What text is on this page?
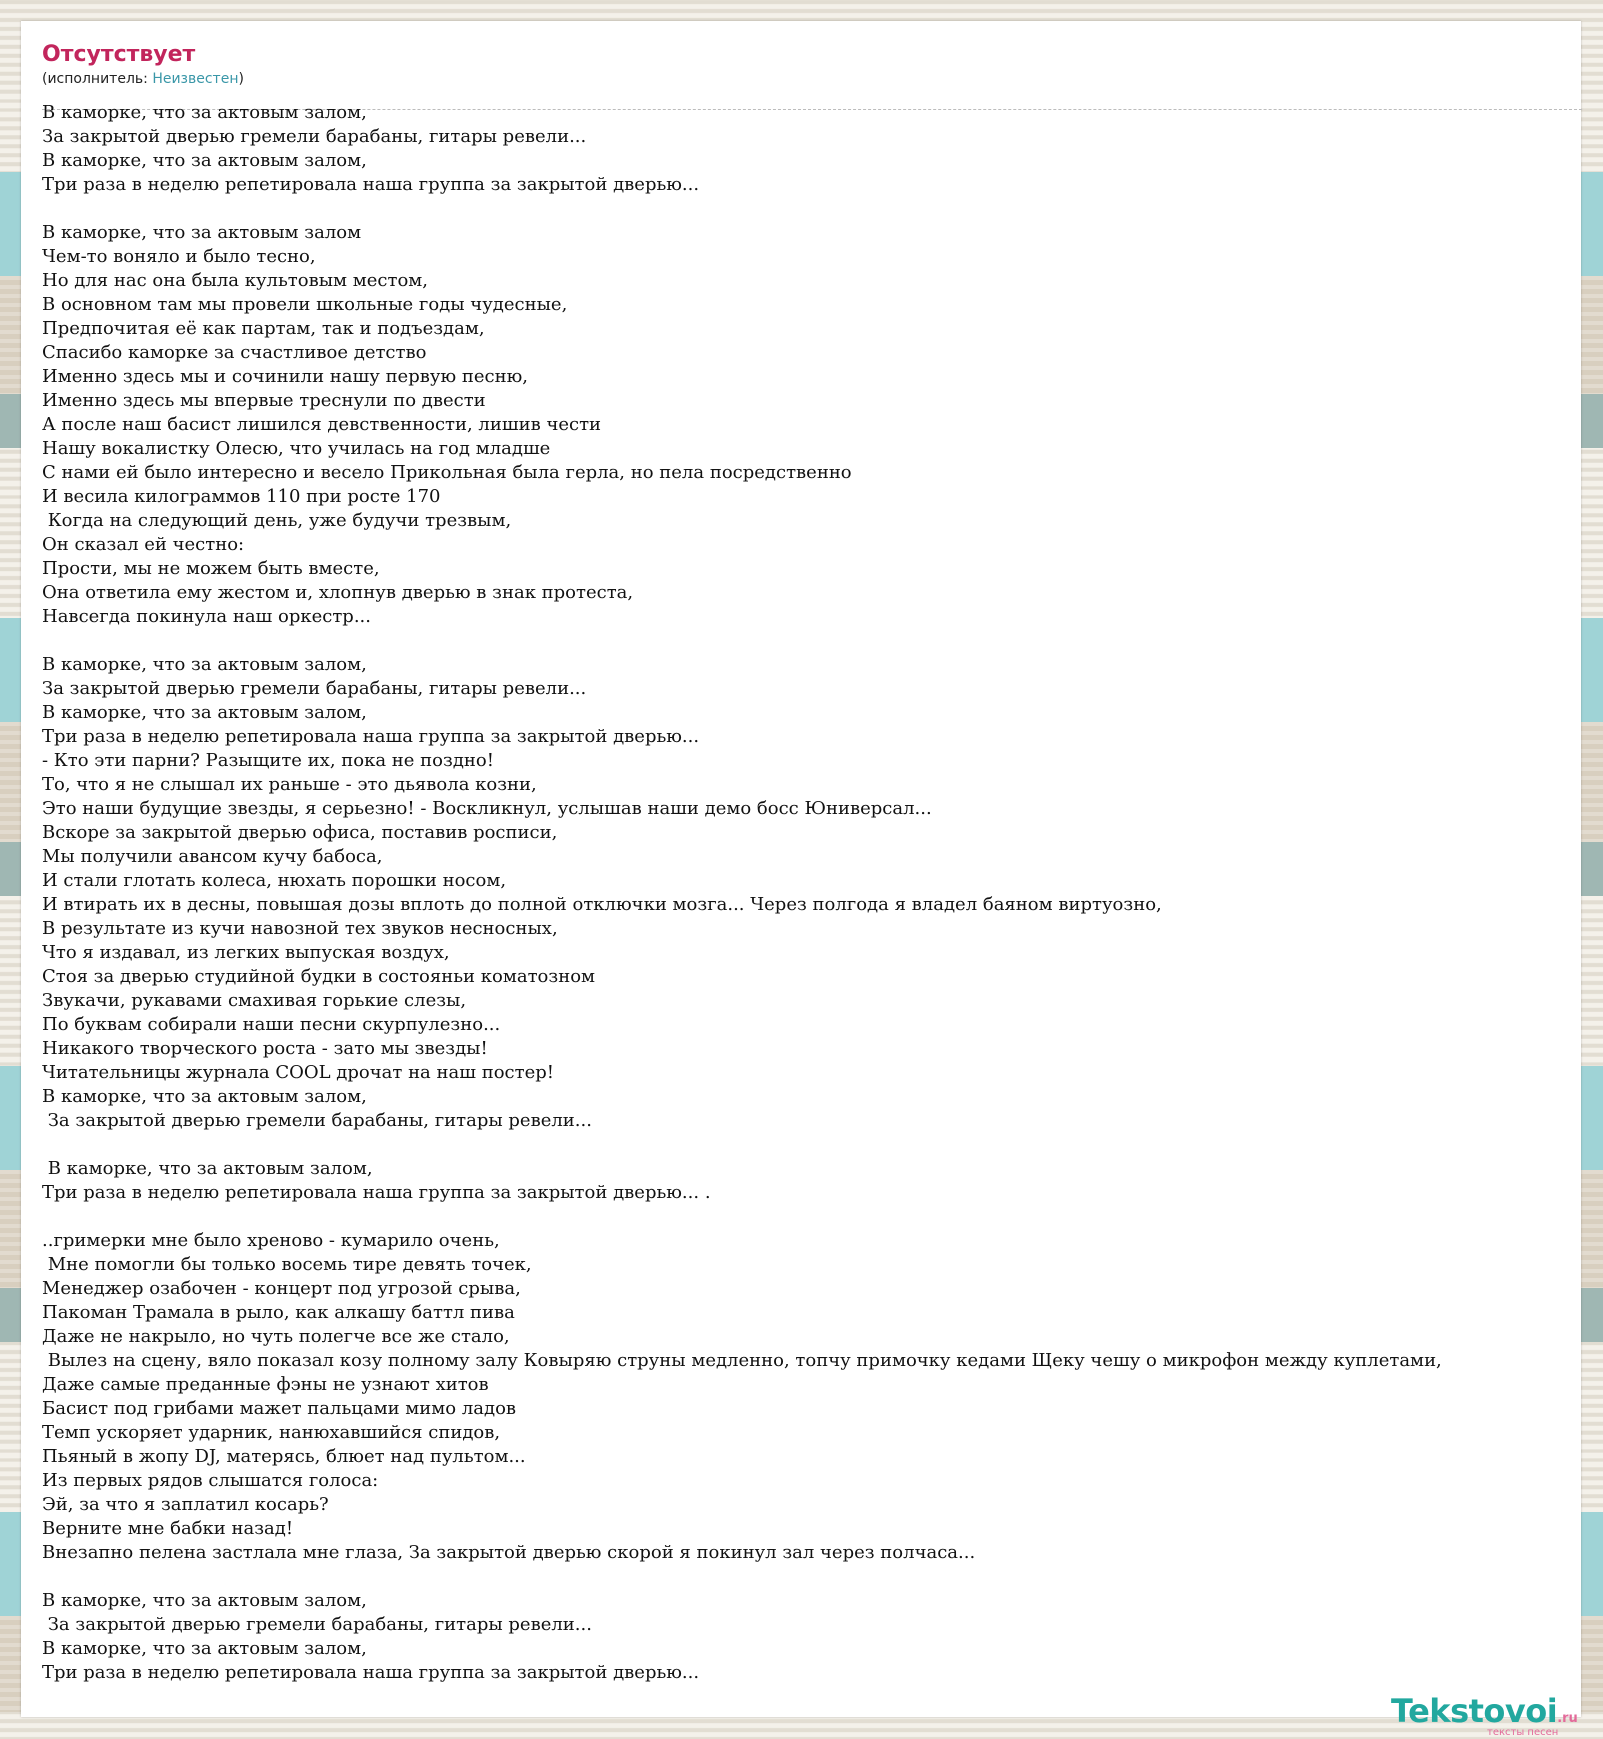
Отсутствует
(исполнитель: Неизвестен)
В каморке, что за актовым залом,
За закрытой дверью гремели барабаны, гитары ревели...
В каморке, что за актовым залом,
Три раза в неделю репетировала наша группа за закрытой дверью...
В каморке, что за актовым залом
Чем-то воняло и было тесно,
Но для нас она была культовым местом,
В основном там мы провели школьные годы чудесные,
Предпочитая её как партам, так и подъездам,
Спасибо каморке за счастливое детство
Именно здесь мы и сочинили нашу первую песню,
Именно здесь мы впервые треснули по двести
А после наш басист лишился девственности, лишив чести
Нашу вокалистку Олесю, что училась на год младше
С нами ей было интересно и весело Прикольная была герла, но пела посредственно
И весила килограммов 110 при росте 170
Когда на следующий день, уже будучи трезвым,
Он сказал ей честно:
Прости, мы не можем быть вместе,
Она ответила ему жестом и, хлопнув дверью в знак протеста,
Навсегда покинула наш оркестр...
В каморке, что за актовым залом,
За закрытой дверью гремели барабаны, гитары ревели...
В каморке, что за актовым залом,
Три раза в неделю репетировала наша группа за закрытой дверью...
- Кто эти парни? Разыщите их, пока не поздно!
То, что я не слышал их раньше - это дьявола козни,
Это наши будущие звезды, я серьезно! - Воскликнул, услышав наши демо босс Юниверсал...
Вскоре за закрытой дверью офиса, поставив росписи,
Мы получили авансом кучу бабоса,
И стали глотать колеса, нюхать порошки носом,
И втирать их в десны, повышая дозы вплоть до полной отключки мозга... Через полгода я владел баяном виртуозно,
В результате из кучи навозной тех звуков несносных,
Что я издавал, из легких выпуская воздух,
Стоя за дверью студийной будки в состояньи коматозном
Звукачи, рукавами смахивая горькие слезы,
По буквам собирали наши песни скурпулезно...
Никакого творческого роста - зато мы звезды!
Читательницы журнала COOL дрочат на наш постер!
В каморке, что за актовым залом,
За закрытой дверью гремели барабаны, гитары ревели...
В каморке, что за актовым залом,
Три раза в неделю репетировала наша группа за закрытой дверью... .
..гримерки мне было хреново - кумарило очень,
Мне помогли бы только восемь тире девять точек,
Менеджер озабочен - концерт под угрозой срыва,
Пакоман Трамала в рыло, как алкашу баттл пива
Даже не накрыло, но чуть полегче все же стало,
Вылез на сцену, вяло показал козу полному залу Ковыряю струны медленно, топчу примочку кедами Щеку чешу о микрофон между куплетами,
Даже самые преданные фэны не узнают хитов
Басист под грибами мажет пальцами мимо ладов
Темп ускоряет ударник, нанюхавшийся спидов,
Пьяный в жопу DJ, матерясь, блюет над пультом...
Из первых рядов слышатся голоса:
Эй, за что я заплатил косарь?
Верните мне бабки назад!
Внезапно пелена застлала мне глаза, За закрытой дверью скорой я покинул зал через полчаса...
В каморке, что за актовым залом,
За закрытой дверью гремели барабаны, гитары ревели...
В каморке, что за актовым залом,
Три раза в неделю репетировала наша группа за закрытой дверью...
Tekstovoi.ru
тексты песен
